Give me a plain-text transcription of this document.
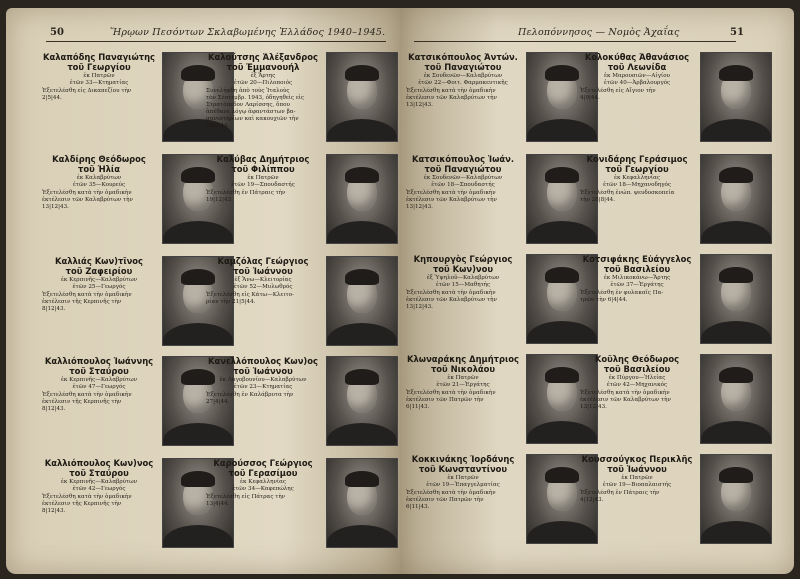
50	Ἥρῳων Πεσόντων Σκλαβωμένης Ἑλλάδος 1940–1945.
Καλαπόδης Παναγιώτης
τοῦ Γεωργίου
ἐκ Πατρῶν
ἐτῶν 33—Κτηματίας
Ἐξετελέσθη εἰς Δικαπεζίου τὴν
2|5|44.
Καλούτσης Ἀλέξανδρος
τοῦ Ἐμμανουήλ
ἐξ Ἄρτης
ἐτῶν 20—Πιλοποιός
Συνελήφθη ἀπὸ τοὺς Ἰταλοὺς
τὸν Σέπτεμβρ. 1943, ὁδηγηθεὶς εἰς
Στρατόπεδον Λαρίσσης, ὅπου
ἀπέθανε λόγῳ ἀφαντάστων βα-
σανιστηρίων καὶ κακουχιῶν τὴν
18|6|44.
Καλδίρης Θεόδωρος
τοῦ Ἠλία
ἐκ Καλαβρύτων
ἐτῶν 35—Κουρεύς
Ἐξετελέσθη κατὰ τὴν ὁμαδικὴν
ἐκτέλεσιν τῶν Καλαβρύτων τὴν
13|12|43.
Καλύβας Δημήτριος
τοῦ Φιλίππου
ἐκ Πατρῶν
ἐτῶν 19—Σπουδαστής
Ἐξετελέσθη ἐν Πάτραις τὴν
19|12|43.
Καλλιάς Κων)τῖνος
τοῦ Ζαφειρίου
ἐκ Κερπινῆς—Καλαβρύτων
ἐτῶν 25—Γεωργός
Ἐξετελέσθη κατὰ τὴν ὁμαδικὴν
ἐκτέλεσιν τῆς Κερπινῆς τὴν
8|12|43.
Καμζόλας Γεώργιος
τοῦ Ἰωάννου
ἐξ Ἄνω—Κλειτορίας
ἐτῶν 52—Μυλωθρός
Ἐξετελέσθη εἰς Κάτω—Κλειτο-
ρίαν τὴν 21|5|44.
Καλλιόπουλος Ἰωάννης
τοῦ Σταύρου
ἐκ Κερπινῆς—Καλαβρύτων
ἐτῶν 47—Γεωργός
Ἐξετελέσθη κατὰ τὴν ὁμαδικὴν
ἐκτέλεσιν τῆς Κερπινῆς τὴν
8|12|43.
Κανελλόπουλος Κων)ος
τοῦ Ἰωάννου
ἐκ Λαγοβουνίου—Καλαβρύτων
ἐτῶν 23—Κτηματίας
Ἐξετελέσθη ἐν Καλάβρυτα τὴν
27|4|44.
Καλλιόπουλος Κων)νος
τοῦ Σταύρου
ἐκ Κερπινῆς—Καλαβρύτων
ἐτῶν 42—Γεωργός
Ἐξετελέσθη κατὰ τὴν ὁμαδικὴν
ἐκτέλεσιν τῆς Κερπινῆς τὴν
8|12|43.
Καρούσσος Γεώργιος
τοῦ Γερασίμου
ἐκ Κεφαλληνίας
ἐτῶν 34—Καφεπώλης
Ἐξετελέσθη εἰς Πάτρας τὴν
13|4|44.
Πελοπόννησος — Νομὸς Ἀχαΐας	51
Κατσικόπουλος Ἀντών.
τοῦ Παναγιώτου
ἐκ Σουδενῶν—Καλαβρύτων
ἐτῶν 22—Φοιτ. Φαρμακευτικῆς
Ἐξετελέσθη κατὰ τὴν ὁμαδικὴν
ἐκτέλεσιν τῶν Καλαβρύτων τὴν
13|12|43.
Κολοκύθας Ἀθανάσιος
τοῦ Λεωνίδα
ἐκ Μαρουσιῶν—Αἰγίου
ἐτῶν 40—Ἀρβαλουργός
Ἐξετελέσθη εἰς Αἴγιον τὴν
4|9|44.
Κατσικόπουλος Ἰωάν.
τοῦ Παναγιώτου
ἐκ Σουδενῶν—Καλαβρύτων
ἐτῶν 18—Σπουδαστής
Ἐξετελέσθη κατὰ τὴν ὁμαδικὴν
ἐκτέλεσιν τῶν Καλαβρύτων τὴν
13|12|43.
Κονιδάρης Γεράσιμος
τοῦ Γεωργίου
ἐκ Κεφαλληνίας
ἐτῶν 18—Μηχανοδηγός
Ἐξετελέσθη ἐνώπ. ψευδοσκοπεία
τὴν 28|8|44.
Κηπουργὸς Γεώργιος
τοῦ Κων)νου
ἐξ Ὑψηλοῦ—Καλαβρύτων
ἐτῶν 15—Μαθητής
Ἐξετελέσθη κατὰ τὴν ὁμαδικὴν
ἐκτέλεσιν τῶν Καλαβρύτων τὴν
13|12|43.
Κοτσιφάκης Εὐάγγελος
τοῦ Βασιλείου
ἐκ Μιλικοκάνω—Ἄρτης
ἐτῶν 37—Ἐργάτης
Ἐξετελέσθη ἐν φυλακαῖς Πα-
τρῶν τὴν 6|4|44.
Κλωναράκης Δημήτριος
τοῦ Νικολάου
ἐκ Πατρῶν
ἐτῶν 21—Ἐργάτης
Ἐξετελέσθη κατὰ τὴν ὁμαδικὴν
ἐκτέλεσιν τῶν Πατρῶν τὴν
6|11|43.
Κοῦλης Θεόδωρος
τοῦ Βασιλείου
ἐκ Πύργου—Ἠλείας
ἐτῶν 42—Μηχανικός
Ἐξετελέσθη κατὰ τὴν ὁμαδικὴν
ἐκτέλεσιν τῶν Καλαβρύτων τὴν
13|12|43.
Κοκκινάκης Ἰορδάνης
τοῦ Κωνσταντίνου
ἐκ Πατρῶν
ἐτῶν 19—Ἐπαγγελματίας
Ἐξετελέσθη κατὰ τὴν ὁμαδικὴν
ἐκτέλεσιν τῶν Πατρῶν τὴν
6|11|43.
Κουσσούγκος Περικλῆς
τοῦ Ἰωάννου
ἐκ Πατρῶν
ἐτῶν 19—Βιοπαλαιστής
Ἐξετελέσθη ἐν Πάτραις τὴν
4|12|43.
